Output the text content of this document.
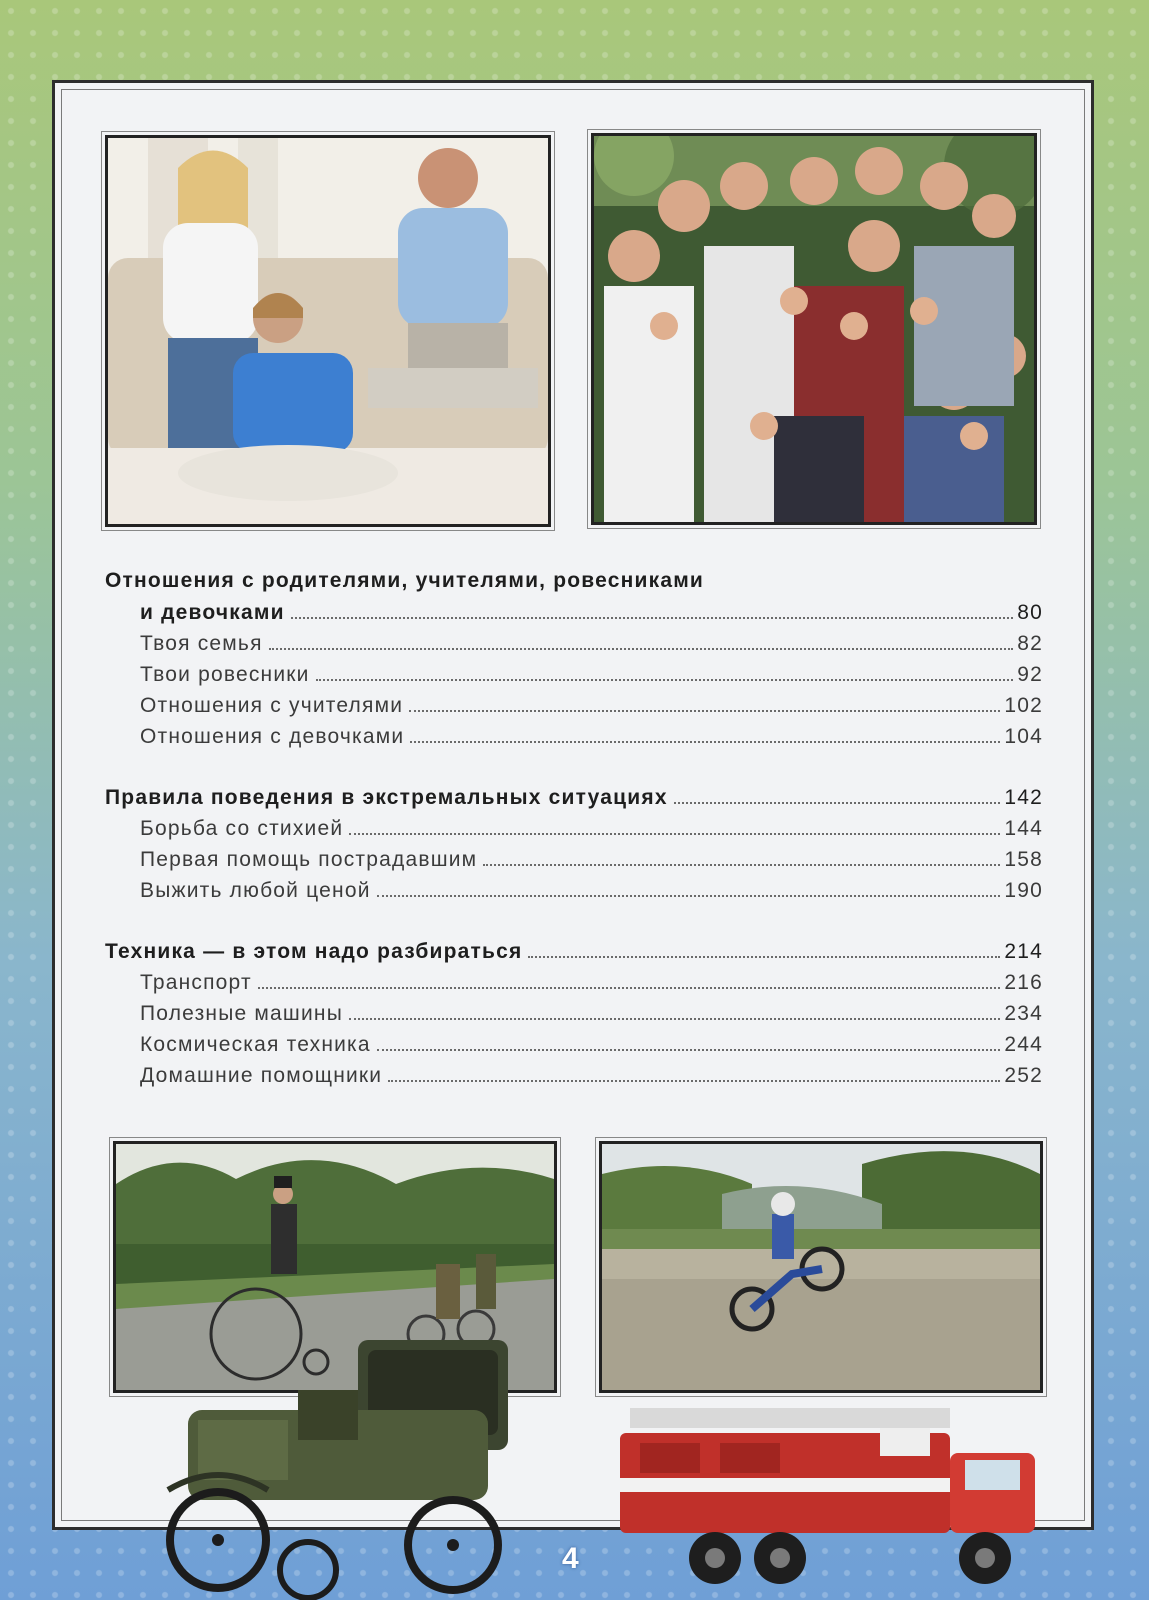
Отношения с родителями, учителями, ровесниками
и девочками	80
Твоя семья	82
Твои ровесники	92
Отношения с учителями	102
Отношения с девочками	104
Правила поведения в экстремальных ситуациях	142
Борьба со стихией	144
Первая помощь пострадавшим	158
Выжить любой ценой	190
Техника — в этом надо разбираться	214
Транспорт	216
Полезные машины	234
Космическая техника	244
Домашние помощники	252
4
